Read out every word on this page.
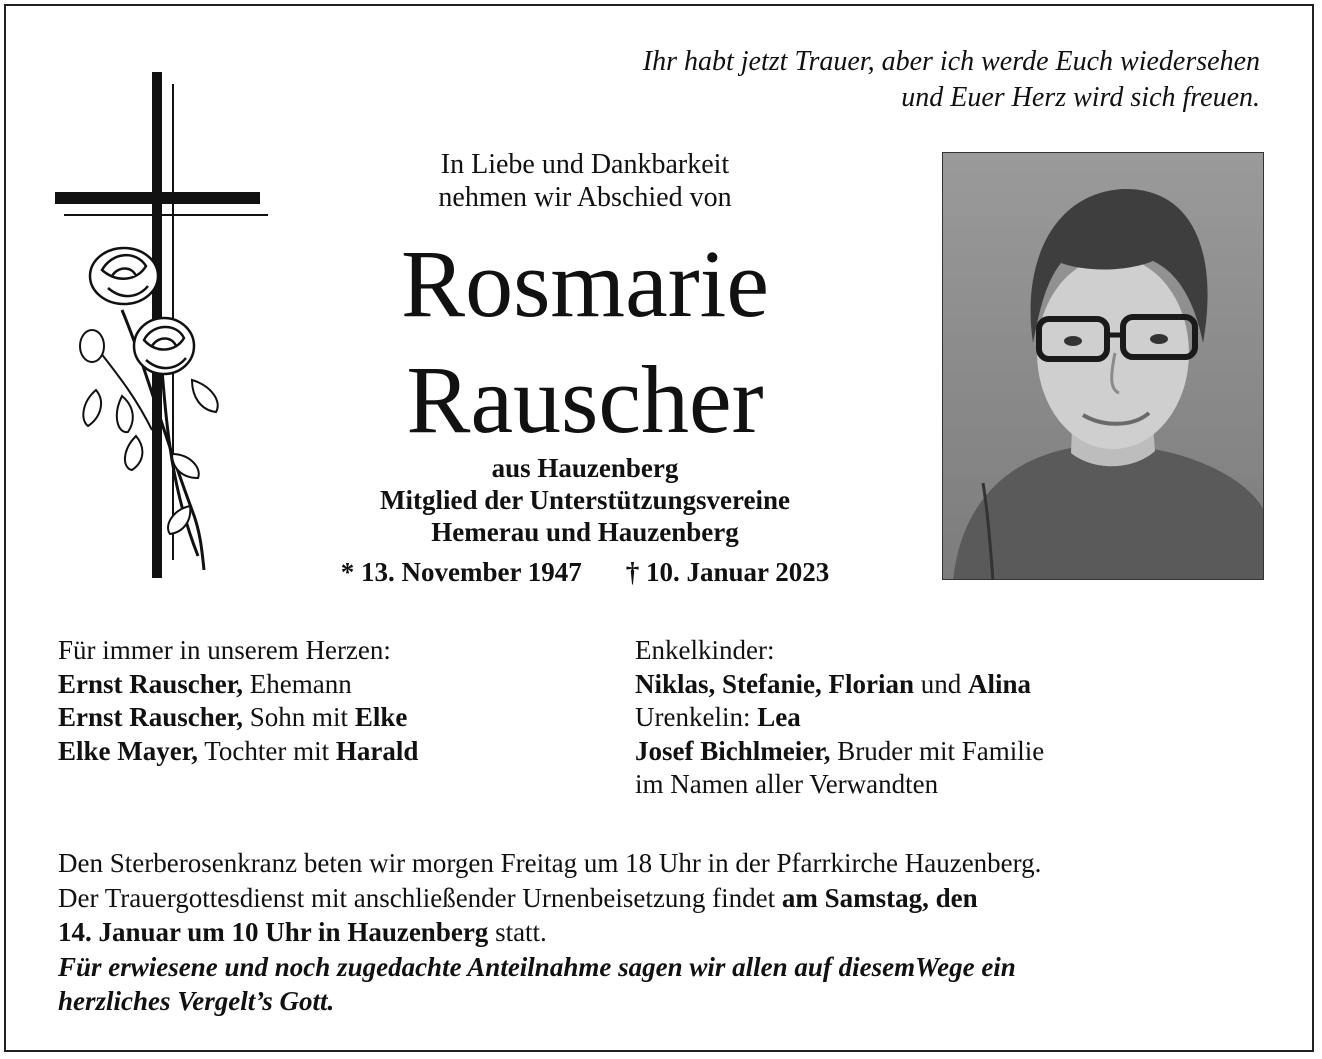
Ihr habt jetzt Trauer, aber ich werde Euch wiedersehen
und Euer Herz wird sich freuen.
In Liebe und Dankbarkeit
nehmen wir Abschied von
Rosmarie
Rauscher
aus Hauzenberg
Mitglied der Unterstützungsvereine
Hemerau und Hauzenberg
* 13. November 1947 † 10. Januar 2023
Für immer in unserem Herzen:
Ernst Rauscher, Ehemann
Ernst Rauscher, Sohn mit Elke
Elke Mayer, Tochter mit Harald
Enkelkinder:
Niklas, Stefanie, Florian und Alina
Urenkelin: Lea
Josef Bichlmeier, Bruder mit Familie
im Namen aller Verwandten
Den Sterberosenkranz beten wir morgen Freitag um 18 Uhr in der Pfarrkirche Hauzenberg.
Der Trauergottesdienst mit anschließender Urnenbeisetzung findet am Samstag, den
14. Januar um 10 Uhr in Hauzenberg statt.
Für erwiesene und noch zugedachte Anteilnahme sagen wir allen auf diesemWege ein
herzliches Vergelt’s Gott.
